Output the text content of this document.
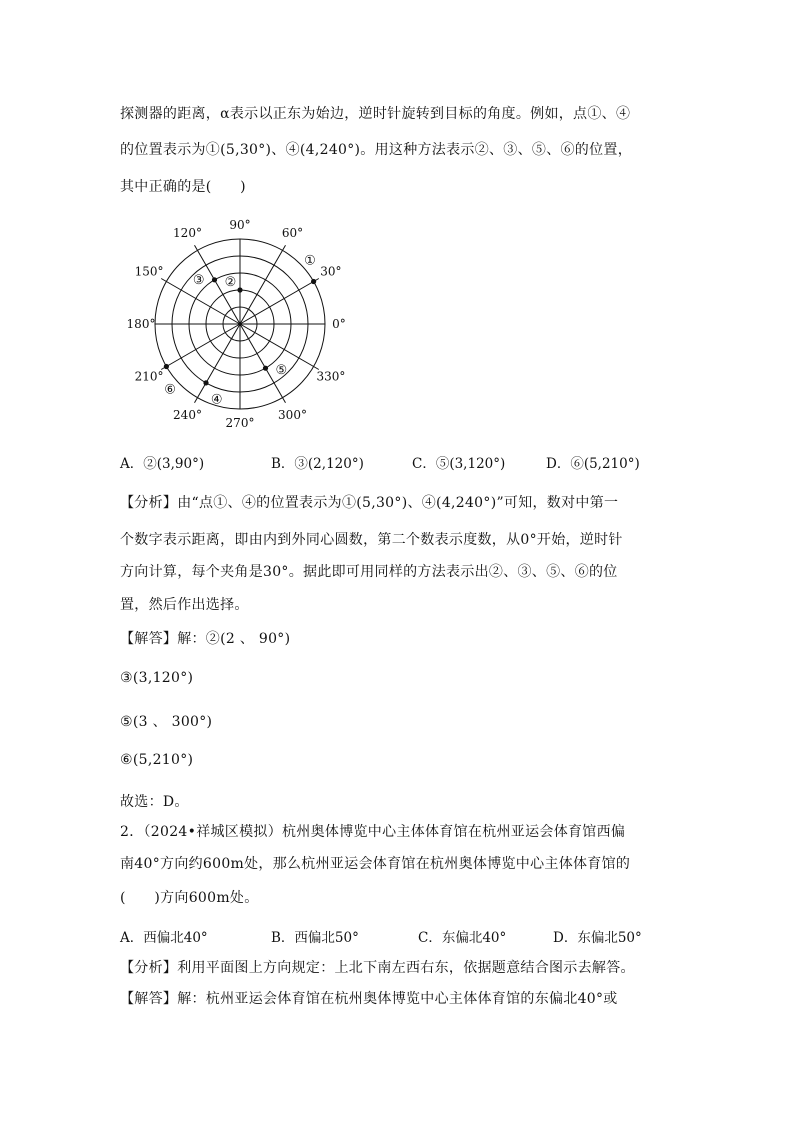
探测器的距离，α表示以正东为始边，逆时针旋转到目标的角度。例如，点①、④
的位置表示为①(5,30°)、④(4,240°)。用这种方法表示②、③、⑤、⑥的位置，
其中正确的是(　　)
0°
30°
60°
90°
120°
150°
180°
210°
240°
270°
300°
330°
①
②
③
④
⑤
⑥
A．②(3,90°)	B．③(2,120°)	C．⑤(3,120°)	D．⑥(5,210°)
【分析】由“点①、④的位置表示为①(5,30°)、④(4,240°)”可知，数对中第一
个数字表示距离，即由内到外同心圆数，第二个数表示度数，从0°开始，逆时针
方向计算，每个夹角是30°。据此即可用同样的方法表示出②、③、⑤、⑥的位
置，然后作出选择。
【解答】解：②(2 、 90°)
③(3,120°)
⑤(3 、 300°)
⑥(5,210°)
故选：D。
2．（2024•祥城区模拟）杭州奥体博览中心主体体育馆在杭州亚运会体育馆西偏
南40°方向约600m处，那么杭州亚运会体育馆在杭州奥体博览中心主体体育馆的
(　　)方向600m处。
A．西偏北40°	B．西偏北50°	C．东偏北40°	D．东偏北50°
【分析】利用平面图上方向规定：上北下南左西右东，依据题意结合图示去解答。
【解答】解：杭州亚运会体育馆在杭州奥体博览中心主体体育馆的东偏北40°或
